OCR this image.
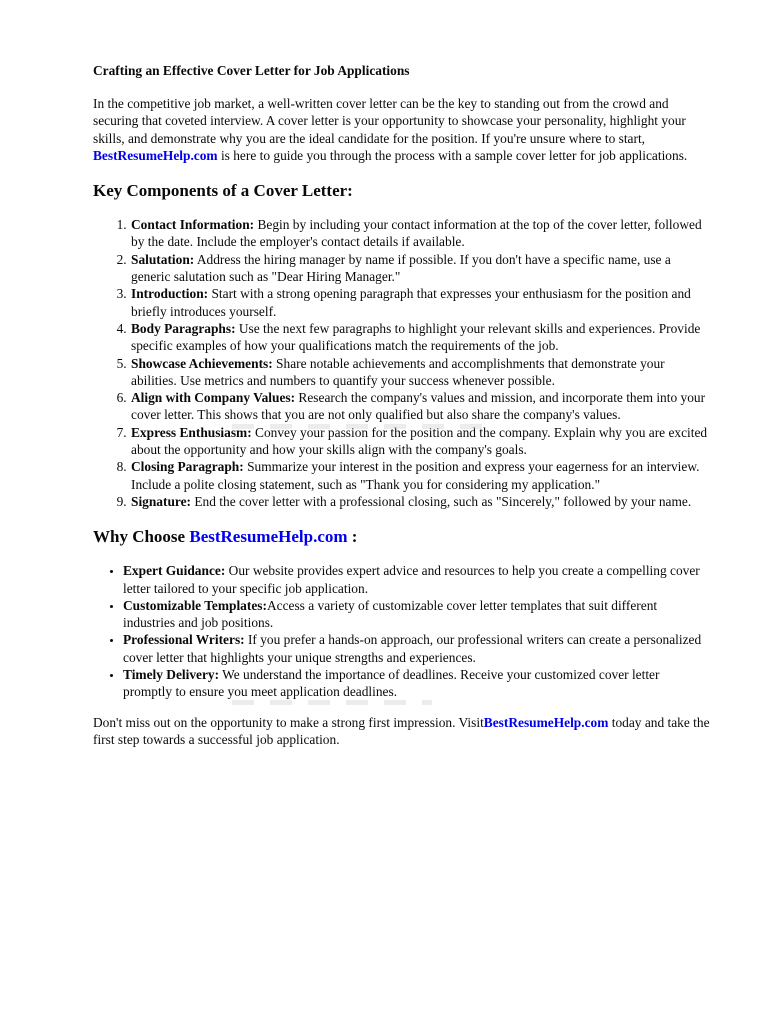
Crafting an Effective Cover Letter for Job Applications

In the competitive job market, a well-written cover letter can be the key to standing out from the crowd and securing that coveted interview. A cover letter is your opportunity to showcase your personality, highlight your skills, and demonstrate why you are the ideal candidate for the position. If you're unsure where to start, BestResumeHelp.com is here to guide you through the process with a sample cover letter for job applications.

Key Components of a Cover Letter:
1. Contact Information: Begin by including your contact information at the top of the cover letter, followed by the date. Include the employer's contact details if available.
2. Salutation: Address the hiring manager by name if possible. If you don't have a specific name, use a generic salutation such as "Dear Hiring Manager."
3. Introduction: Start with a strong opening paragraph that expresses your enthusiasm for the position and briefly introduces yourself.
4. Body Paragraphs: Use the next few paragraphs to highlight your relevant skills and experiences. Provide specific examples of how your qualifications match the requirements of the job.
5. Showcase Achievements: Share notable achievements and accomplishments that demonstrate your abilities. Use metrics and numbers to quantify your success whenever possible.
6. Align with Company Values: Research the company's values and mission, and incorporate them into your cover letter. This shows that you are not only qualified but also share the company's values.
7. Express Enthusiasm: Convey your passion for the position and the company. Explain why you are excited about the opportunity and how your skills align with the company's goals.
8. Closing Paragraph: Summarize your interest in the position and express your eagerness for an interview. Include a polite closing statement, such as "Thank you for considering my application."
9. Signature: End the cover letter with a professional closing, such as "Sincerely," followed by your name.
Why Choose BestResumeHelp.com :
• Expert Guidance: Our website provides expert advice and resources to help you create a compelling cover letter tailored to your specific job application.
• Customizable Templates:Access a variety of customizable cover letter templates that suit different industries and job positions.
• Professional Writers: If you prefer a hands-on approach, our professional writers can create a personalized cover letter that highlights your unique strengths and experiences.
• Timely Delivery: We understand the importance of deadlines. Receive your customized cover letter promptly to ensure you meet application deadlines.

Don't miss out on the opportunity to make a strong first impression. VisitBestResumeHelp.com today and take the first step towards a successful job application.
